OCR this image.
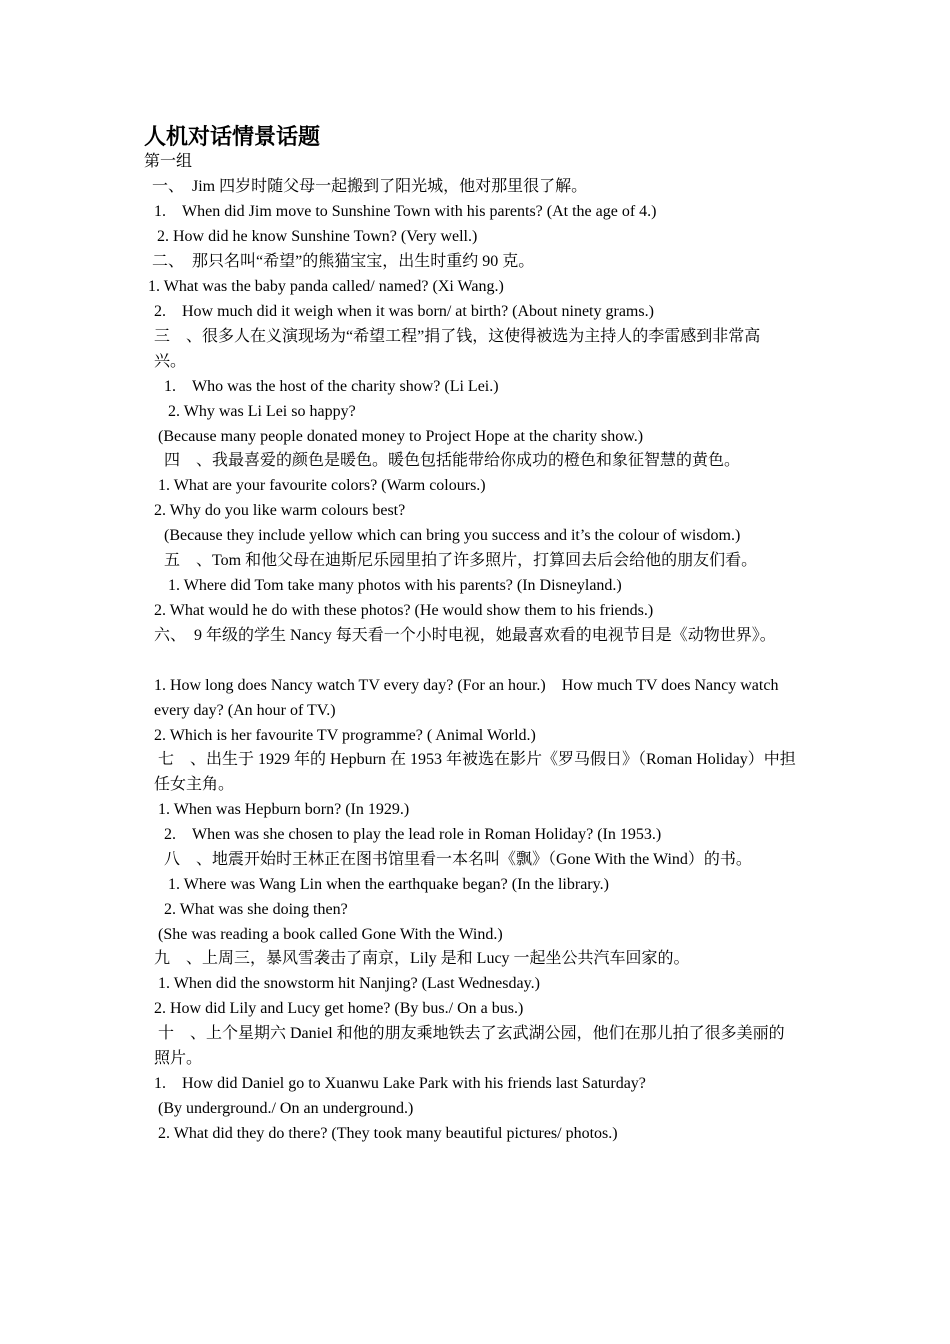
人机对话情景话题
第一组
一、　Jim 四岁时随父母一起搬到了阳光城，他对那里很了解。
1.　When did Jim move to Sunshine Town with his parents? (At the age of 4.)
2. How did he know Sunshine Town? (Very well.)
二、　那只名叫“希望”的熊猫宝宝，出生时重约 90 克。
1. What was the baby panda called/ named? (Xi Wang.)
2.　How much did it weigh when it was born/ at birth? (About ninety grams.)
三　、很多人在义演现场为“希望工程”捐了钱，这使得被选为主持人的李雷感到非常高
兴。
1.　Who was the host of the charity show? (Li Lei.)
2. Why was Li Lei so happy?
(Because many people donated money to Project Hope at the charity show.)
四　、我最喜爱的颜色是暖色。暖色包括能带给你成功的橙色和象征智慧的黄色。
1. What are your favourite colors? (Warm colours.)
2. Why do you like warm colours best?
(Because they include yellow which can bring you success and it’s the colour of wisdom.)
五　、Tom 和他父母在迪斯尼乐园里拍了许多照片，打算回去后会给他的朋友们看。
1. Where did Tom take many photos with his parents? (In Disneyland.)
2. What would he do with these photos? (He would show them to his friends.)
六、　9 年级的学生 Nancy 每天看一个小时电视，她最喜欢看的电视节目是《动物世界》。
1. How long does Nancy watch TV every day? (For an hour.)　How much TV does Nancy watch
every day? (An hour of TV.)
2. Which is her favourite TV programme? ( Animal World.)
七　、出生于 1929 年的 Hepburn 在 1953 年被选在影片《罗马假日》（Roman Holiday）中担
任女主角。
1. When was Hepburn born? (In 1929.)
2.　When was she chosen to play the lead role in Roman Holiday? (In 1953.)
八　、地震开始时王林正在图书馆里看一本名叫《飘》（Gone With the Wind）的书。
1. Where was Wang Lin when the earthquake began? (In the library.)
2. What was she doing then?
(She was reading a book called Gone With the Wind.)
九　、上周三，暴风雪袭击了南京，Lily 是和 Lucy 一起坐公共汽车回家的。
1. When did the snowstorm hit Nanjing? (Last Wednesday.)
2. How did Lily and Lucy get home? (By bus./ On a bus.)
十　、上个星期六 Daniel 和他的朋友乘地铁去了玄武湖公园，他们在那儿拍了很多美丽的
照片。
1.　How did Daniel go to Xuanwu Lake Park with his friends last Saturday?
(By underground./ On an underground.)
2. What did they do there? (They took many beautiful pictures/ photos.)
